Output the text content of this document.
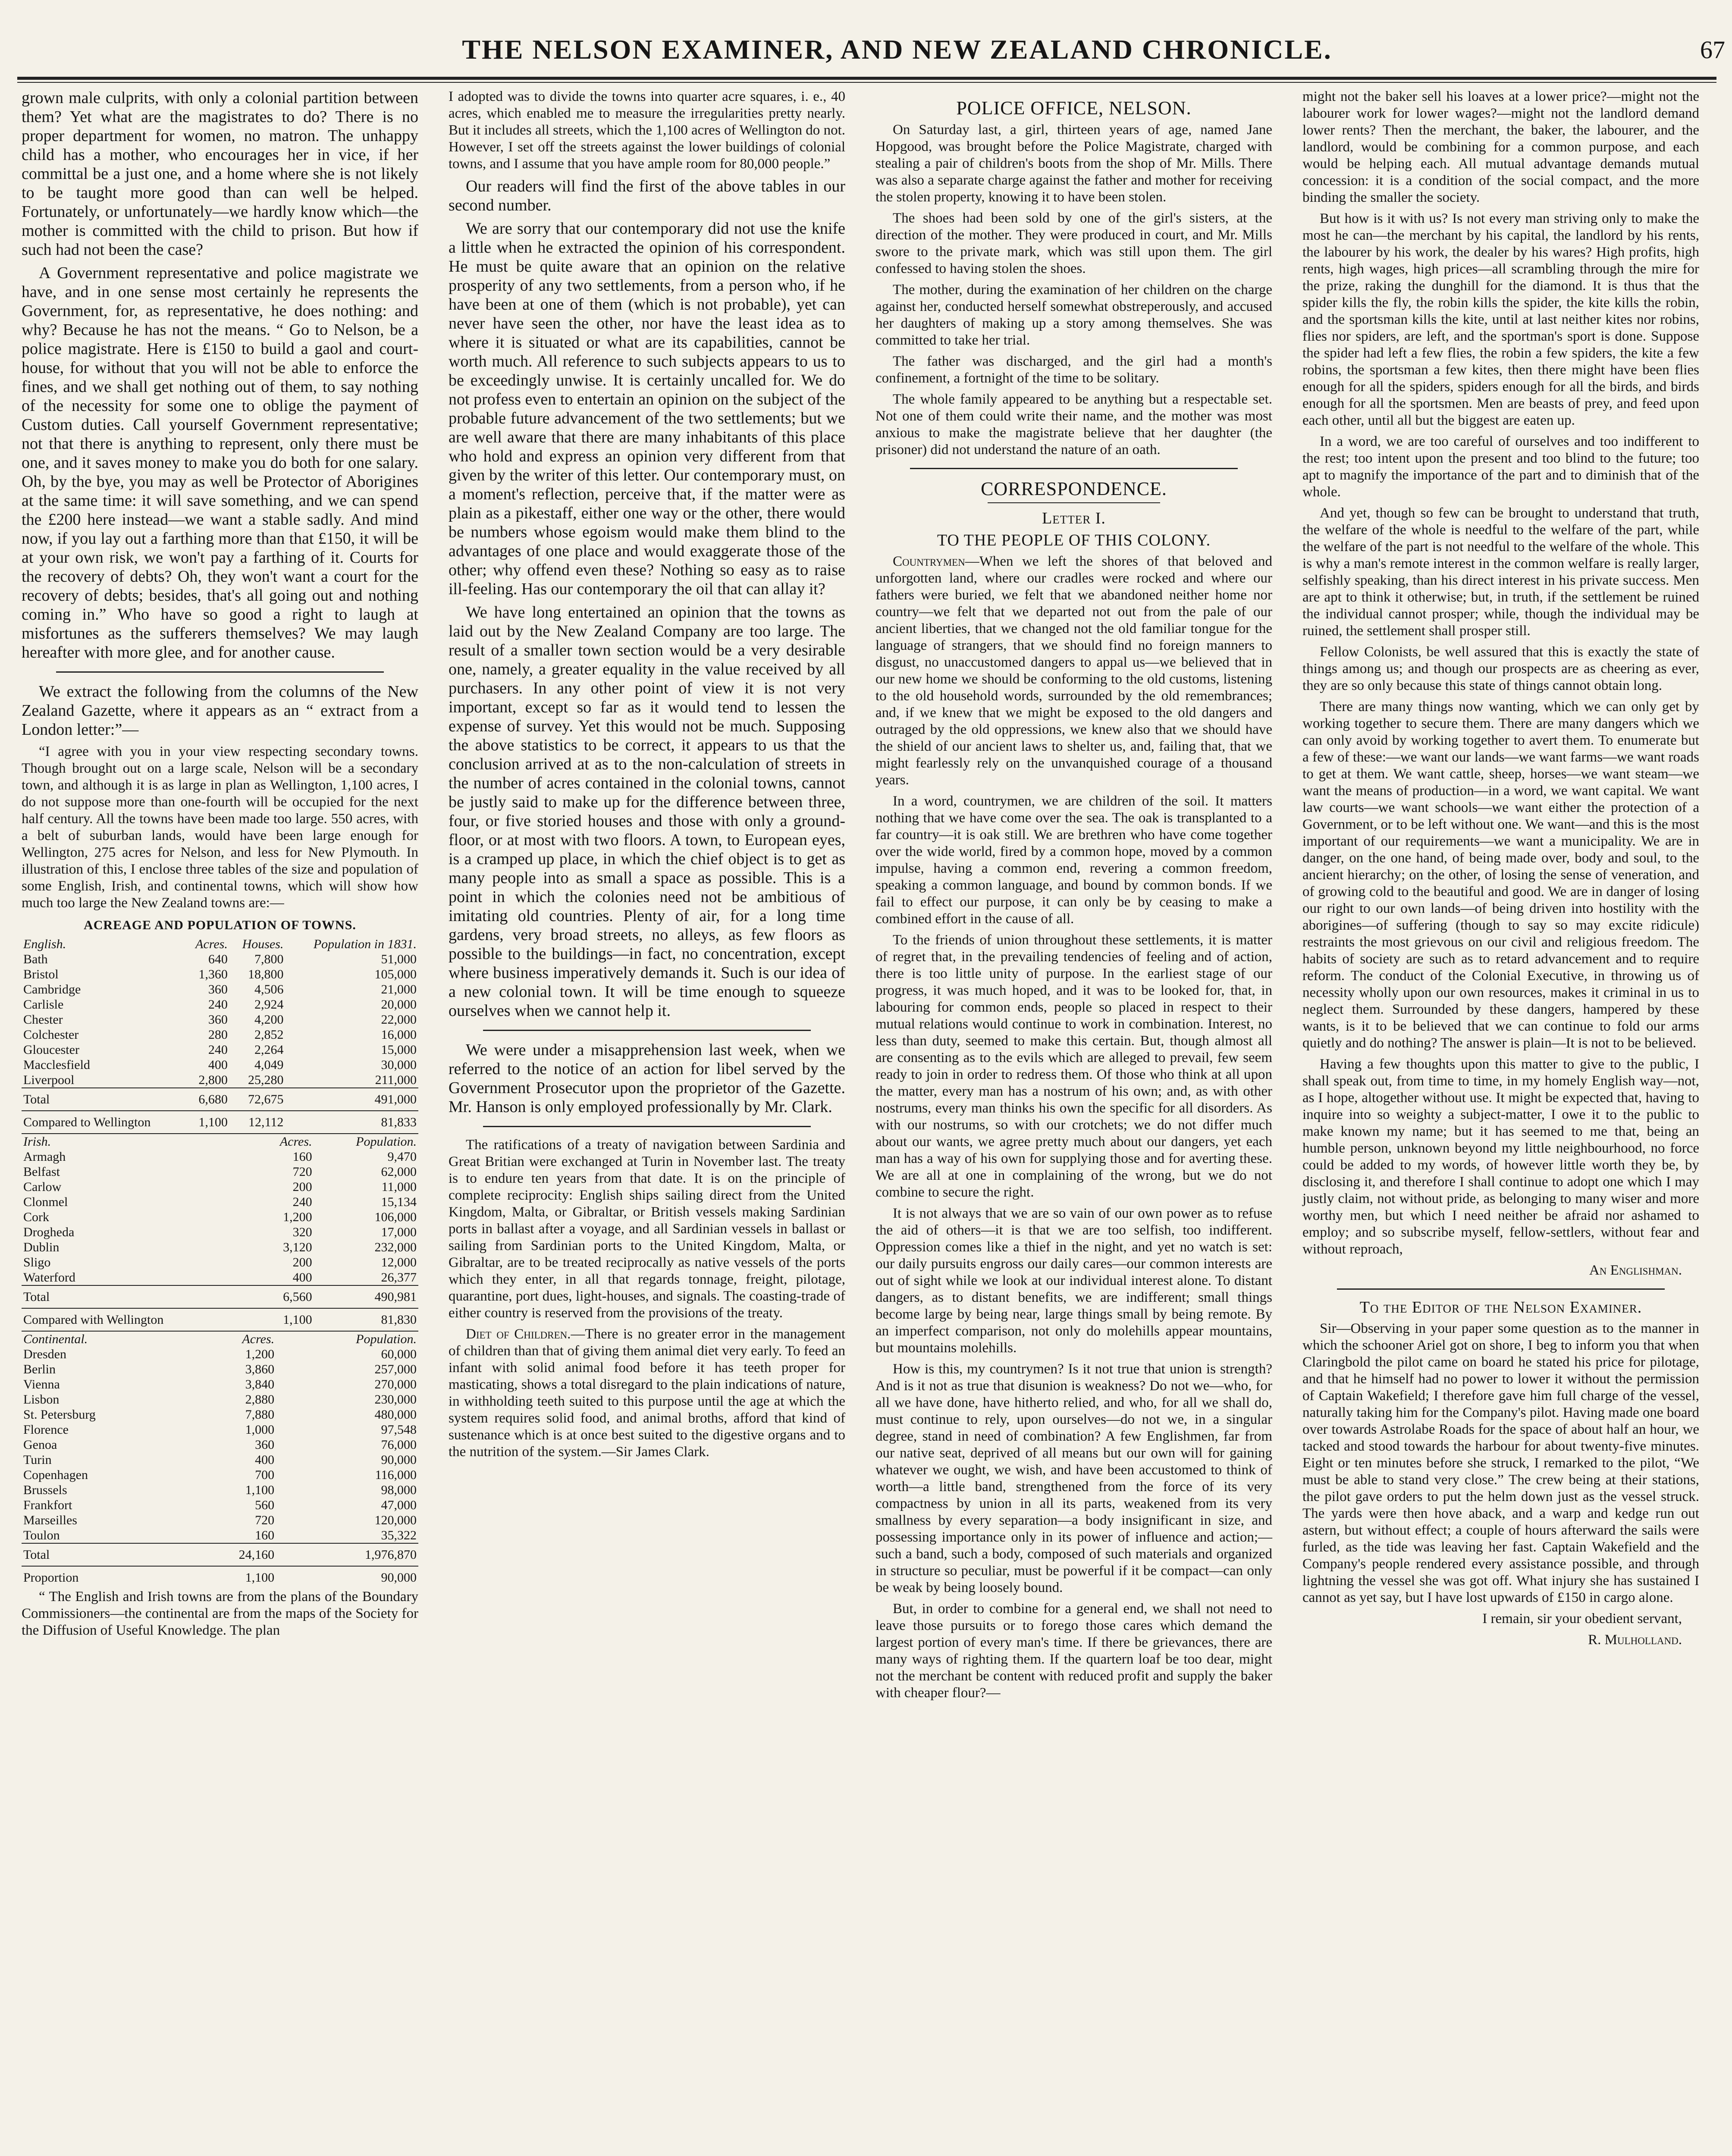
THE NELSON EXAMINER, AND NEW ZEALAND CHRONICLE.	67

grown male culprits, with only a colonial partition between them? Yet what are the magistrates to do? There is no proper department for women, no matron. The unhappy child has a mother, who encourages her in vice, if her committal be a just one, and a home where she is not likely to be taught more good than can well be helped. Fortunately, or unfortunately—we hardly know which—the mother is committed with the child to prison. But how if such had not been the case?

A Government representative and police magistrate we have, and in one sense most certainly he represents the Government, for, as representative, he does nothing: and why? Because he has not the means. “ Go to Nelson, be a police magistrate. Here is £150 to build a gaol and court-house, for without that you will not be able to enforce the fines, and we shall get nothing out of them, to say nothing of the necessity for some one to oblige the payment of Custom duties. Call yourself Government representative; not that there is anything to represent, only there must be one, and it saves money to make you do both for one salary. Oh, by the bye, you may as well be Protector of Aborigines at the same time: it will save something, and we can spend the £200 here instead—we want a stable sadly. And mind now, if you lay out a farthing more than that £150, it will be at your own risk, we won't pay a farthing of it. Courts for the recovery of debts? Oh, they won't want a court for the recovery of debts; besides, that's all going out and nothing coming in.” Who have so good a right to laugh at misfortunes as the sufferers themselves? We may laugh hereafter with more glee, and for another cause.

We extract the following from the columns of the New Zealand Gazette, where it appears as an “ extract from a London letter:”—

“I agree with you in your view respecting secondary towns. Though brought out on a large scale, Nelson will be a secondary town, and although it is as large in plan as Wellington, 1,100 acres, I do not suppose more than one-fourth will be occupied for the next half century. All the towns have been made too large. 550 acres, with a belt of suburban lands, would have been large enough for Wellington, 275 acres for Nelson, and less for New Plymouth. In illustration of this, I enclose three tables of the size and population of some English, Irish, and continental towns, which will show how much too large the New Zealand towns are:—

ACREAGE AND POPULATION OF TOWNS.
English.	Acres.	Houses.	Population in 1831.
Bath	640	7,800	51,000
Bristol	1,360	18,800	105,000
Cambridge	360	4,506	21,000
Carlisle	240	2,924	20,000
Chester	360	4,200	22,000
Colchester	280	2,852	16,000
Gloucester	240	2,264	15,000
Macclesfield	400	4,049	30,000
Liverpool	2,800	25,280	211,000
Total	6,680	72,675	491,000
Compared to Wellington	1,100	12,112	81,833
Irish.	Acres.	Population.
Armagh	160	9,470
Belfast	720	62,000
Carlow	200	11,000
Clonmel	240	15,134
Cork	1,200	106,000
Drogheda	320	17,000
Dublin	3,120	232,000
Sligo	200	12,000
Waterford	400	26,377
Total	6,560	490,981
Compared with Wellington	1,100	81,830
Continental.	Acres.	Population.
Dresden	1,200	60,000
Berlin	3,860	257,000
Vienna	3,840	270,000
Lisbon	2,880	230,000
St. Petersburg	7,880	480,000
Florence	1,000	97,548
Genoa	360	76,000
Turin	400	90,000
Copenhagen	700	116,000
Brussels	1,100	98,000
Frankfort	560	47,000
Marseilles	720	120,000
Toulon	160	35,322
Total	24,160	1,976,870
Proportion	1,100	90,000

“ The English and Irish towns are from the plans of the Boundary Commissioners—the continental are from the maps of the Society for the Diffusion of Useful Knowledge. The plan

I adopted was to divide the towns into quarter acre squares, i. e., 40 acres, which enabled me to measure the irregularities pretty nearly. But it includes all streets, which the 1,100 acres of Wellington do not. However, I set off the streets against the lower buildings of colonial towns, and I assume that you have ample room for 80,000 people.”

Our readers will find the first of the above tables in our second number.

We are sorry that our contemporary did not use the knife a little when he extracted the opinion of his correspondent. He must be quite aware that an opinion on the relative prosperity of any two settlements, from a person who, if he have been at one of them (which is not probable), yet can never have seen the other, nor have the least idea as to where it is situated or what are its capabilities, cannot be worth much. All reference to such subjects appears to us to be exceedingly unwise. It is certainly uncalled for. We do not profess even to entertain an opinion on the subject of the probable future advancement of the two settlements; but we are well aware that there are many inhabitants of this place who hold and express an opinion very different from that given by the writer of this letter. Our contemporary must, on a moment's reflection, perceive that, if the matter were as plain as a pikestaff, either one way or the other, there would be numbers whose egoism would make them blind to the advantages of one place and would exaggerate those of the other; why offend even these? Nothing so easy as to raise ill-feeling. Has our contemporary the oil that can allay it?

We have long entertained an opinion that the towns as laid out by the New Zealand Company are too large. The result of a smaller town section would be a very desirable one, namely, a greater equality in the value received by all purchasers. In any other point of view it is not very important, except so far as it would tend to lessen the expense of survey. Yet this would not be much. Supposing the above statistics to be correct, it appears to us that the conclusion arrived at as to the non-calculation of streets in the number of acres contained in the colonial towns, cannot be justly said to make up for the difference between three, four, or five storied houses and those with only a ground-floor, or at most with two floors. A town, to European eyes, is a cramped up place, in which the chief object is to get as many people into as small a space as possible. This is a point in which the colonies need not be ambitious of imitating old countries. Plenty of air, for a long time gardens, very broad streets, no alleys, as few floors as possible to the buildings—in fact, no concentration, except where business imperatively demands it. Such is our idea of a new colonial town. It will be time enough to squeeze ourselves when we cannot help it.

We were under a misapprehension last week, when we referred to the notice of an action for libel served by the Government Prosecutor upon the proprietor of the Gazette. Mr. Hanson is only employed professionally by Mr. Clark.

The ratifications of a treaty of navigation between Sardinia and Great Britian were exchanged at Turin in November last. The treaty is to endure ten years from that date. It is on the principle of complete reciprocity: English ships sailing direct from the United Kingdom, Malta, or Gibraltar, or British vessels making Sardinian ports in ballast after a voyage, and all Sardinian vessels in ballast or sailing from Sardinian ports to the United Kingdom, Malta, or Gibraltar, are to be treated reciprocally as native vessels of the ports which they enter, in all that regards tonnage, freight, pilotage, quarantine, port dues, light-houses, and signals. The coasting-trade of either country is reserved from the provisions of the treaty.

Diet of Children.—There is no greater error in the management of children than that of giving them animal diet very early. To feed an infant with solid animal food before it has teeth proper for masticating, shows a total disregard to the plain indications of nature, in withholding teeth suited to this purpose until the age at which the system requires solid food, and animal broths, afford that kind of sustenance which is at once best suited to the digestive organs and to the nutrition of the system.—Sir James Clark.

POLICE OFFICE, NELSON.

On Saturday last, a girl, thirteen years of age, named Jane Hopgood, was brought before the Police Magistrate, charged with stealing a pair of children's boots from the shop of Mr. Mills. There was also a separate charge against the father and mother for receiving the stolen property, knowing it to have been stolen.

The shoes had been sold by one of the girl's sisters, at the direction of the mother. They were produced in court, and Mr. Mills swore to the private mark, which was still upon them. The girl confessed to having stolen the shoes.

The mother, during the examination of her children on the charge against her, conducted herself somewhat obstreperously, and accused her daughters of making up a story among themselves. She was committed to take her trial.

The father was discharged, and the girl had a month's confinement, a fortnight of the time to be solitary.

The whole family appeared to be anything but a respectable set. Not one of them could write their name, and the mother was most anxious to make the magistrate believe that her daughter (the prisoner) did not understand the nature of an oath.

CORRESPONDENCE.
Letter I.
TO THE PEOPLE OF THIS COLONY.

Countrymen—When we left the shores of that beloved and unforgotten land, where our cradles were rocked and where our fathers were buried, we felt that we abandoned neither home nor country—we felt that we departed not out from the pale of our ancient liberties, that we changed not the old familiar tongue for the language of strangers, that we should find no foreign manners to disgust, no unaccustomed dangers to appal us—we believed that in our new home we should be conforming to the old customs, listening to the old household words, surrounded by the old remembrances; and, if we knew that we might be exposed to the old dangers and outraged by the old oppressions, we knew also that we should have the shield of our ancient laws to shelter us, and, failing that, that we might fearlessly rely on the unvanquished courage of a thousand years.

In a word, countrymen, we are children of the soil. It matters nothing that we have come over the sea. The oak is transplanted to a far country—it is oak still. We are brethren who have come together over the wide world, fired by a common hope, moved by a common impulse, having a common end, revering a common freedom, speaking a common language, and bound by common bonds. If we fail to effect our purpose, it can only be by ceasing to make a combined effort in the cause of all.

To the friends of union throughout these settlements, it is matter of regret that, in the prevailing tendencies of feeling and of action, there is too little unity of purpose. In the earliest stage of our progress, it was much hoped, and it was to be looked for, that, in labouring for common ends, people so placed in respect to their mutual relations would continue to work in combination. Interest, no less than duty, seemed to make this certain. But, though almost all are consenting as to the evils which are alleged to prevail, few seem ready to join in order to redress them. Of those who think at all upon the matter, every man has a nostrum of his own; and, as with other nostrums, every man thinks his own the specific for all disorders. As with our nostrums, so with our crotchets; we do not differ much about our wants, we agree pretty much about our dangers, yet each man has a way of his own for supplying those and for averting these. We are all at one in complaining of the wrong, but we do not combine to secure the right.

It is not always that we are so vain of our own power as to refuse the aid of others—it is that we are too selfish, too indifferent. Oppression comes like a thief in the night, and yet no watch is set: our daily pursuits engross our daily cares—our common interests are out of sight while we look at our individual interest alone. To distant dangers, as to distant benefits, we are indifferent; small things become large by being near, large things small by being remote. By an imperfect comparison, not only do molehills appear mountains, but mountains molehills.

How is this, my countrymen? Is it not true that union is strength? And is it not as true that disunion is weakness? Do not we—who, for all we have done, have hitherto relied, and who, for all we shall do, must continue to rely, upon ourselves—do not we, in a singular degree, stand in need of combination? A few Englishmen, far from our native seat, deprived of all means but our own will for gaining whatever we ought, we wish, and have been accustomed to think of worth—a little band, strengthened from the force of its very compactness by union in all its parts, weakened from its very smallness by every separation—a body insignificant in size, and possessing importance only in its power of influence and action;—such a band, such a body, composed of such materials and organized in structure so peculiar, must be powerful if it be compact—can only be weak by being loosely bound.

But, in order to combine for a general end, we shall not need to leave those pursuits or to forego those cares which demand the largest portion of every man's time. If there be grievances, there are many ways of righting them. If the quartern loaf be too dear, might not the merchant be content with reduced profit and supply the baker with cheaper flour?—

might not the baker sell his loaves at a lower price?—might not the labourer work for lower wages?—might not the landlord demand lower rents? Then the merchant, the baker, the labourer, and the landlord, would be combining for a common purpose, and each would be helping each. All mutual advantage demands mutual concession: it is a condition of the social compact, and the more binding the smaller the society.

But how is it with us? Is not every man striving only to make the most he can—the merchant by his capital, the landlord by his rents, the labourer by his work, the dealer by his wares? High profits, high rents, high wages, high prices—all scrambling through the mire for the prize, raking the dunghill for the diamond. It is thus that the spider kills the fly, the robin kills the spider, the kite kills the robin, and the sportsman kills the kite, until at last neither kites nor robins, flies nor spiders, are left, and the sportman's sport is done. Suppose the spider had left a few flies, the robin a few spiders, the kite a few robins, the sportsman a few kites, then there might have been flies enough for all the spiders, spiders enough for all the birds, and birds enough for all the sportsmen. Men are beasts of prey, and feed upon each other, until all but the biggest are eaten up.

In a word, we are too careful of ourselves and too indifferent to the rest; too intent upon the present and too blind to the future; too apt to magnify the importance of the part and to diminish that of the whole.

And yet, though so few can be brought to understand that truth, the welfare of the whole is needful to the welfare of the part, while the welfare of the part is not needful to the welfare of the whole. This is why a man's remote interest in the common welfare is really larger, selfishly speaking, than his direct interest in his private success. Men are apt to think it otherwise; but, in truth, if the settlement be ruined the individual cannot prosper; while, though the individual may be ruined, the settlement shall prosper still.

Fellow Colonists, be well assured that this is exactly the state of things among us; and though our prospects are as cheering as ever, they are so only because this state of things cannot obtain long.

There are many things now wanting, which we can only get by working together to secure them. There are many dangers which we can only avoid by working together to avert them. To enumerate but a few of these:—we want our lands—we want farms—we want roads to get at them. We want cattle, sheep, horses—we want steam—we want the means of production—in a word, we want capital. We want law courts—we want schools—we want either the protection of a Government, or to be left without one. We want—and this is the most important of our requirements—we want a municipality. We are in danger, on the one hand, of being made over, body and soul, to the ancient hierarchy; on the other, of losing the sense of veneration, and of growing cold to the beautiful and good. We are in danger of losing our right to our own lands—of being driven into hostility with the aborigines—of suffering (though to say so may excite ridicule) restraints the most grievous on our civil and religious freedom. The habits of society are such as to retard advancement and to require reform. The conduct of the Colonial Executive, in throwing us of necessity wholly upon our own resources, makes it criminal in us to neglect them. Surrounded by these dangers, hampered by these wants, is it to be believed that we can continue to fold our arms quietly and do nothing? The answer is plain—It is not to be believed.

Having a few thoughts upon this matter to give to the public, I shall speak out, from time to time, in my homely English way—not, as I hope, altogether without use. It might be expected that, having to inquire into so weighty a subject-matter, I owe it to the public to make known my name; but it has seemed to me that, being an humble person, unknown beyond my little neighbourhood, no force could be added to my words, of however little worth they be, by disclosing it, and therefore I shall continue to adopt one which I may justly claim, not without pride, as belonging to many wiser and more worthy men, but which I need neither be afraid nor ashamed to employ; and so subscribe myself, fellow-settlers, without fear and without reproach,

An Englishman.
To the Editor of the Nelson Examiner.

Sir—Observing in your paper some question as to the manner in which the schooner Ariel got on shore, I beg to inform you that when Claringbold the pilot came on board he stated his price for pilotage, and that he himself had no power to lower it without the permission of Captain Wakefield; I therefore gave him full charge of the vessel, naturally taking him for the Company's pilot. Having made one board over towards Astrolabe Roads for the space of about half an hour, we tacked and stood towards the harbour for about twenty-five minutes. Eight or ten minutes before she struck, I remarked to the pilot, “We must be able to stand very close.” The crew being at their stations, the pilot gave orders to put the helm down just as the vessel struck. The yards were then hove aback, and a warp and kedge run out astern, but without effect; a couple of hours afterward the sails were furled, as the tide was leaving her fast. Captain Wakefield and the Company's people rendered every assistance possible, and through lightning the vessel she was got off. What injury she has sustained I cannot as yet say, but I have lost upwards of £150 in cargo alone.

I remain, sir your obedient servant,

R. Mulholland.
